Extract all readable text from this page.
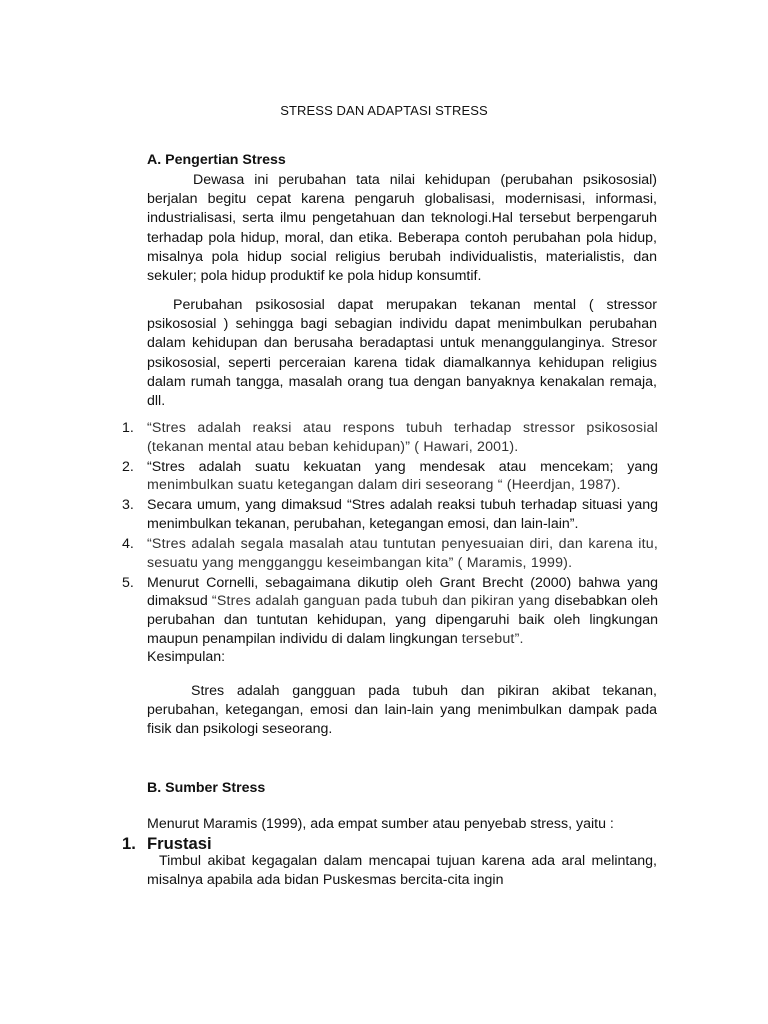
STRESS DAN ADAPTASI STRESS
A. Pengertian Stress

Dewasa ini perubahan tata nilai kehidupan (perubahan psikososial) berjalan begitu cepat karena pengaruh globalisasi, modernisasi, informasi, industrialisasi, serta ilmu pengetahuan dan teknologi.Hal tersebut berpengaruh terhadap pola hidup, moral, dan etika. Beberapa contoh perubahan pola hidup, misalnya pola hidup social religius berubah individualistis, materialistis, dan sekuler; pola hidup produktif ke pola hidup konsumtif.

Perubahan psikososial dapat merupakan tekanan mental ( stressor psikososial ) sehingga bagi sebagian individu dapat menimbulkan perubahan dalam kehidupan dan berusaha beradaptasi untuk menanggulanginya. Stresor psikososial, seperti perceraian karena tidak diamalkannya kehidupan religius dalam rumah tangga, masalah orang tua dengan banyaknya kenakalan remaja, dll.

1. “Stres adalah reaksi atau respons tubuh terhadap stressor psikososial (tekanan mental atau beban kehidupan)” ( Hawari, 2001).
2. “Stres adalah suatu kekuatan yang mendesak atau mencekam; yang menimbulkan suatu ketegangan dalam diri seseorang “ (Heerdjan, 1987).
3. Secara umum, yang dimaksud “Stres adalah reaksi tubuh terhadap situasi yang menimbulkan tekanan, perubahan, ketegangan emosi, dan lain-lain”.
4. “Stres adalah segala masalah atau tuntutan penyesuaian diri, dan karena itu, sesuatu yang mengganggu keseimbangan kita” ( Maramis, 1999).
5. Menurut Cornelli, sebagaimana dikutip oleh Grant Brecht (2000) bahwa yang dimaksud “Stres adalah ganguan pada tubuh dan pikiran yang disebabkan oleh perubahan dan tuntutan kehidupan, yang dipengaruhi baik oleh lingkungan maupun penampilan individu di dalam lingkungan tersebut”.
Kesimpulan:

Stres adalah gangguan pada tubuh dan pikiran akibat tekanan, perubahan, ketegangan, emosi dan lain-lain yang menimbulkan dampak pada fisik dan psikologi seseorang.

B. Sumber Stress

Menurut Maramis (1999), ada empat sumber atau penyebab stress, yaitu :

1. Frustasi

Timbul akibat kegagalan dalam mencapai tujuan karena ada aral melintang, misalnya apabila ada bidan Puskesmas bercita-cita ingin
